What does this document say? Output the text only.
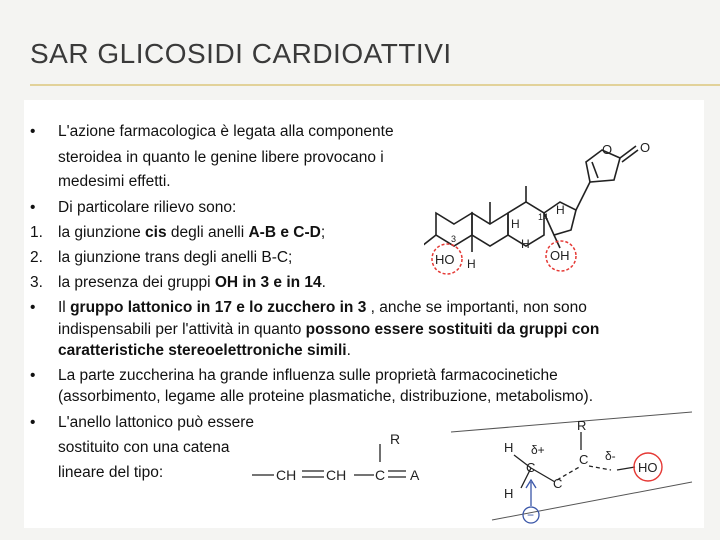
SAR GLICOSIDI CARDIOATTIVI
• L'azione farmacologica è legata alla componente

steroidea in quanto le genine libere provocano i

medesimi effetti.

• Di particolare rilievo sono:

1. la giunzione cis degli anelli A-B e C-D;

2. la giunzione trans degli anelli B-C;

3. la presenza dei gruppi OH in 3 e in 14.

• Il gruppo lattonico in 17 e lo zucchero in 3 , anche se importanti, non sono

indispensabili per l'attività in quanto possono essere sostituiti da gruppi con

caratteristiche stereoelettroniche simili.

• La parte zuccherina ha grande influenza sulle proprietà farmacocinetiche

(assorbimento, legame alle proteine plasmatiche, distribuzione, metabolismo).

• L'anello lattonico può essere

sostituito con una catena

lineare del tipo:

O O
H
H
H
H
OH
3
14
HO
R
CH CH C A
−
H
H
C
C
C
R
δ+	δ-
HO
